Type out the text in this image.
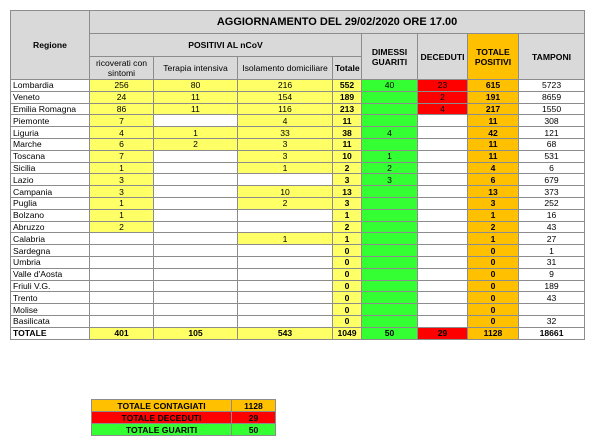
Regione	AGGIORNAMENTO DEL 29/02/2020 ORE 17.00							
	POSITIVI AL nCoV				DIMESSI GUARITI	DECEDUTI	TOTALE POSITIVI	TAMPONI
	ricoverati con sintomi	Terapia intensiva	Isolamento domiciliare	Totale				
Lombardia	256	80	216	552	40	23	615	5723
Veneto	24	11	154	189		2	191	8659
Emilia Romagna	86	11	116	213		4	217	1550
Piemonte	7		4	11			11	308
Liguria	4	1	33	38	4		42	121
Marche	6	2	3	11			11	68
Toscana	7		3	10	1		11	531
Sicilia	1		1	2	2		4	6
Lazio	3			3	3		6	679
Campania	3		10	13			13	373
Puglia	1		2	3			3	252
Bolzano	1			1			1	16
Abruzzo	2			2			2	43
Calabria			1	1			1	27
Sardegna				0			0	1
Umbria				0			0	31
Valle d'Aosta				0			0	9
Friuli V.G.				0			0	189
Trento				0			0	43
Molise				0			0	
Basilicata				0			0	32
TOTALE	401	105	543	1049	50	29	1128	18661
TOTALE CONTAGIATI	1128
TOTALE DECEDUTI	29
TOTALE GUARITI	50
